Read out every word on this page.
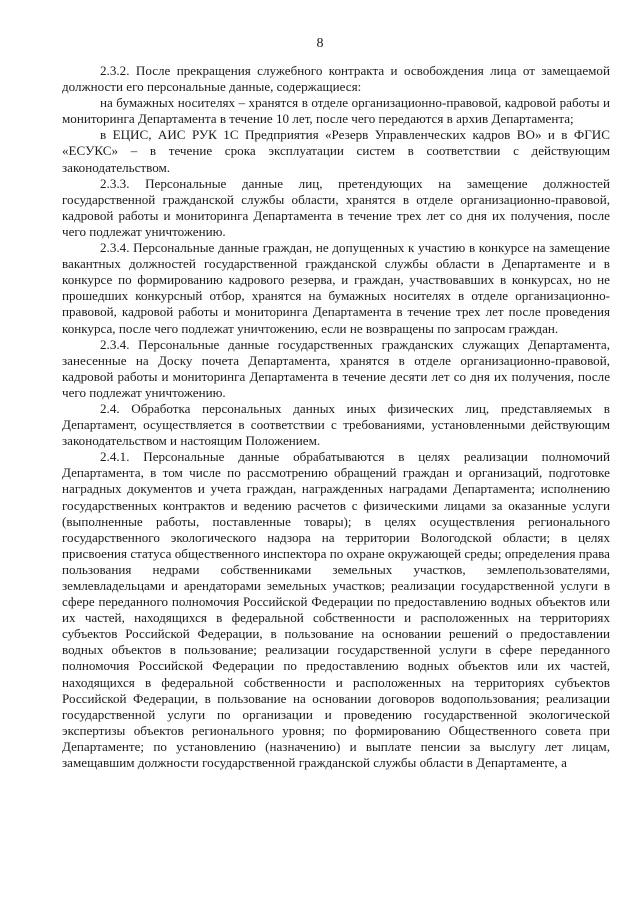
8

2.3.2. После прекращения служебного контракта и освобождения лица от замещаемой должности его персональные данные, содержащиеся:

на бумажных носителях – хранятся в отделе организационно-правовой, кадровой работы и мониторинга Департамента в течение 10 лет, после чего передаются в архив Департамента;

в ЕЦИС, АИС РУК 1С Предприятия «Резерв Управленческих кадров ВО» и в ФГИС «ЕСУКС» – в течение срока эксплуатации систем в соответствии с действующим законодательством.

2.3.3. Персональные данные лиц, претендующих на замещение должностей государственной гражданской службы области, хранятся в отделе организационно-правовой, кадровой работы и мониторинга Департамента в течение трех лет со дня их получения, после чего подлежат уничтожению.

2.3.4. Персональные данные граждан, не допущенных к участию в конкурсе на замещение вакантных должностей государственной гражданской службы области в Департаменте и в конкурсе по формированию кадрового резерва, и граждан, участвовавших в конкурсах, но не прошедших конкурсный отбор, хранятся на бумажных носителях в отделе организационно-правовой, кадровой работы и мониторинга Департамента в течение трех лет после проведения конкурса, после чего подлежат уничтожению, если не возвращены по запросам граждан.

2.3.4. Персональные данные государственных гражданских служащих Департамента, занесенные на Доску почета Департамента, хранятся в отделе организационно-правовой, кадровой работы и мониторинга Департамента в течение десяти лет со дня их получения, после чего подлежат уничтожению.

2.4. Обработка персональных данных иных физических лиц, представляемых в Департамент, осуществляется в соответствии с требованиями, установленными действующим законодательством и настоящим Положением.

2.4.1. Персональные данные обрабатываются в целях реализации полномочий Департамента, в том числе по рассмотрению обращений граждан и организаций, подготовке наградных документов и учета граждан, награжденных наградами Департамента; исполнению государственных контрактов и ведению расчетов с физическими лицами за оказанные услуги (выполненные работы, поставленные товары); в целях осуществления регионального государственного экологического надзора на территории Вологодской области; в целях присвоения статуса общественного инспектора по охране окружающей среды; определения права пользования недрами собственниками земельных участков, землепользователями, землевладельцами и арендаторами земельных участков; реализации государственной услуги в сфере переданного полномочия Российской Федерации по предоставлению водных объектов или их частей, находящихся в федеральной собственности и расположенных на территориях субъектов Российской Федерации, в пользование на основании решений о предоставлении водных объектов в пользование; реализации государственной услуги в сфере переданного полномочия Российской Федерации по предоставлению водных объектов или их частей, находящихся в федеральной собственности и расположенных на территориях субъектов Российской Федерации, в пользование на основании договоров водопользования; реализации государственной услуги по организации и проведению государственной экологической экспертизы объектов регионального уровня; по формированию Общественного совета при Департаменте; по установлению (назначению) и выплате пенсии за выслугу лет лицам, замещавшим должности государственной гражданской службы области в Департаменте, а
